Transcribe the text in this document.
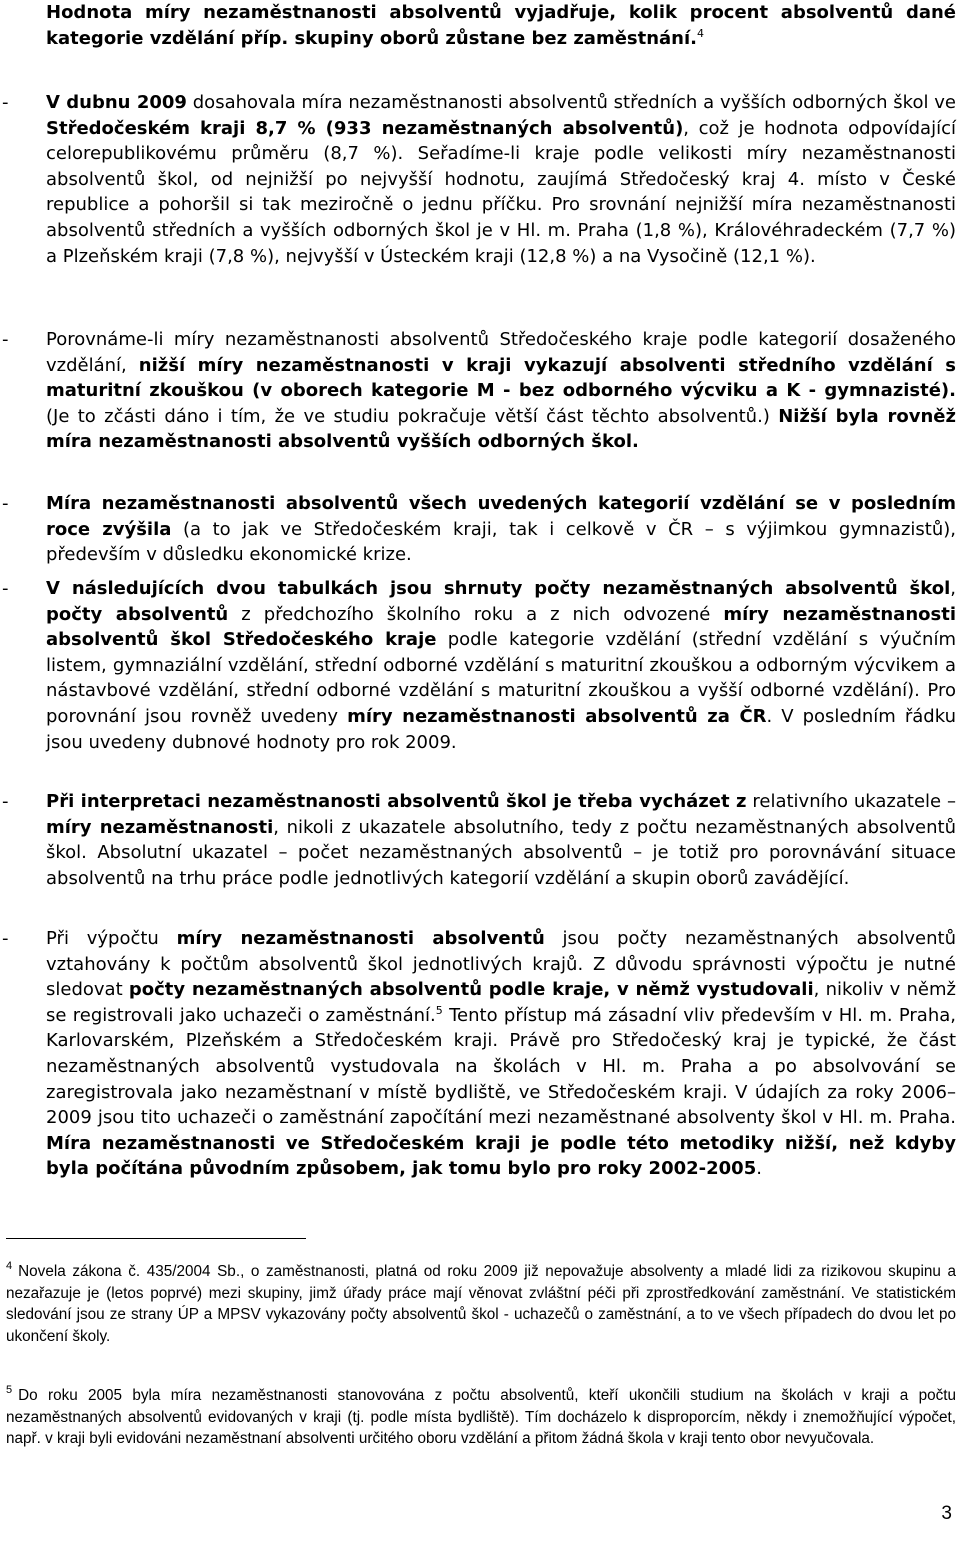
Hodnota míry nezaměstnanosti absolventů vyjadřuje, kolik procent absolventů dané kategorie vzdělání příp. skupiny oborů zůstane bez zaměstnání.$^4$
- V dubnu 2009 dosahovala míra nezaměstnanosti absolventů středních a vyšších odborných škol ve Středočeském kraji 8,7 % (933 nezaměstnaných absolventů), což je hodnota odpovídající celorepublikovému průměru (8,7 %). Seřadíme-li kraje podle velikosti míry nezaměstnanosti absolventů škol, od nejnižší po nejvyšší hodnotu, zaujímá Středočeský kraj 4. místo v České republice a pohoršil si tak meziročně o jednu příčku. Pro srovnání nejnižší míra nezaměstnanosti absolventů středních a vyšších odborných škol je v Hl. m. Praha (1,8 %), Královéhradeckém (7,7 %) a Plzeňském kraji (7,8 %), nejvyšší v Ústeckém kraji (12,8 %) a na Vysočině (12,1 %).
- Porovnáme-li míry nezaměstnanosti absolventů Středočeského kraje podle kategorií dosaženého vzdělání, nižší míry nezaměstnanosti v kraji vykazují absolventi středního vzdělání s maturitní zkouškou (v oborech kategorie M - bez odborného výcviku a K - gymnazisté). (Je to zčásti dáno i tím, že ve studiu pokračuje větší část těchto absolventů.) Nižší byla rovněž míra nezaměstnanosti absolventů vyšších odborných škol.
- Míra nezaměstnanosti absolventů všech uvedených kategorií vzdělání se v posledním roce zvýšila (a to jak ve Středočeském kraji, tak i celkově v ČR – s výjimkou gymnazistů), především v důsledku ekonomické krize.
- V následujících dvou tabulkách jsou shrnuty počty nezaměstnaných absolventů škol, počty absolventů z předchozího školního roku a z nich odvozené míry nezaměstnanosti absolventů škol Středočeského kraje podle kategorie vzdělání (střední vzdělání s výučním listem, gymnaziální vzdělání, střední odborné vzdělání s maturitní zkouškou a odborným výcvikem a nástavbové vzdělání, střední odborné vzdělání s maturitní zkouškou a vyšší odborné vzdělání). Pro porovnání jsou rovněž uvedeny míry nezaměstnanosti absolventů za ČR. V posledním řádku jsou uvedeny dubnové hodnoty pro rok 2009.
- Při interpretaci nezaměstnanosti absolventů škol je třeba vycházet z relativního ukazatele – míry nezaměstnanosti, nikoli z ukazatele absolutního, tedy z počtu nezaměstnaných absolventů škol. Absolutní ukazatel – počet nezaměstnaných absolventů – je totiž pro porovnávání situace absolventů na trhu práce podle jednotlivých kategorií vzdělání a skupin oborů zavádějící.
- Při výpočtu míry nezaměstnanosti absolventů jsou počty nezaměstnaných absolventů vztahovány k počtům absolventů škol jednotlivých krajů. Z důvodu správnosti výpočtu je nutné sledovat počty nezaměstnaných absolventů podle kraje, v němž vystudovali, nikoliv v němž se registrovali jako uchazeči o zaměstnání.$^5$ Tento přístup má zásadní vliv především v Hl. m. Praha, Karlovarském, Plzeňském a Středočeském kraji. Právě pro Středočeský kraj je typické, že část nezaměstnaných absolventů vystudovala na školách v Hl. m. Praha a po absolvování se zaregistrovala jako nezaměstnaní v místě bydliště, ve Středočeském kraji. V údajích za roky 2006–2009 jsou tito uchazeči o zaměstnání započítání mezi nezaměstnané absolventy škol v Hl. m. Praha. Míra nezaměstnanosti ve Středočeském kraji je podle této metodiky nižší, než kdyby byla počítána původním způsobem, jak tomu bylo pro roky 2002-2005.
$^4$ Novela zákona č. 435/2004 Sb., o zaměstnanosti, platná od roku 2009 již nepovažuje absolventy a mladé lidi za rizikovou skupinu a nezařazuje je (letos poprvé) mezi skupiny, jimž úřady práce mají věnovat zvláštní péči při zprostředkování zaměstnání. Ve statistickém sledování jsou ze strany ÚP a MPSV vykazovány počty absolventů škol - uchazečů o zaměstnání, a to ve všech případech do dvou let po ukončení školy.
$^5$ Do roku 2005 byla míra nezaměstnanosti stanovována z počtu absolventů, kteří ukončili studium na školách v kraji a počtu nezaměstnaných absolventů evidovaných v kraji (tj. podle místa bydliště). Tím docházelo k disproporcím, někdy i znemožňující výpočet, např. v kraji byli evidováni nezaměstnaní absolventi určitého oboru vzdělání a přitom žádná škola v kraji tento obor nevyučovala.
3
